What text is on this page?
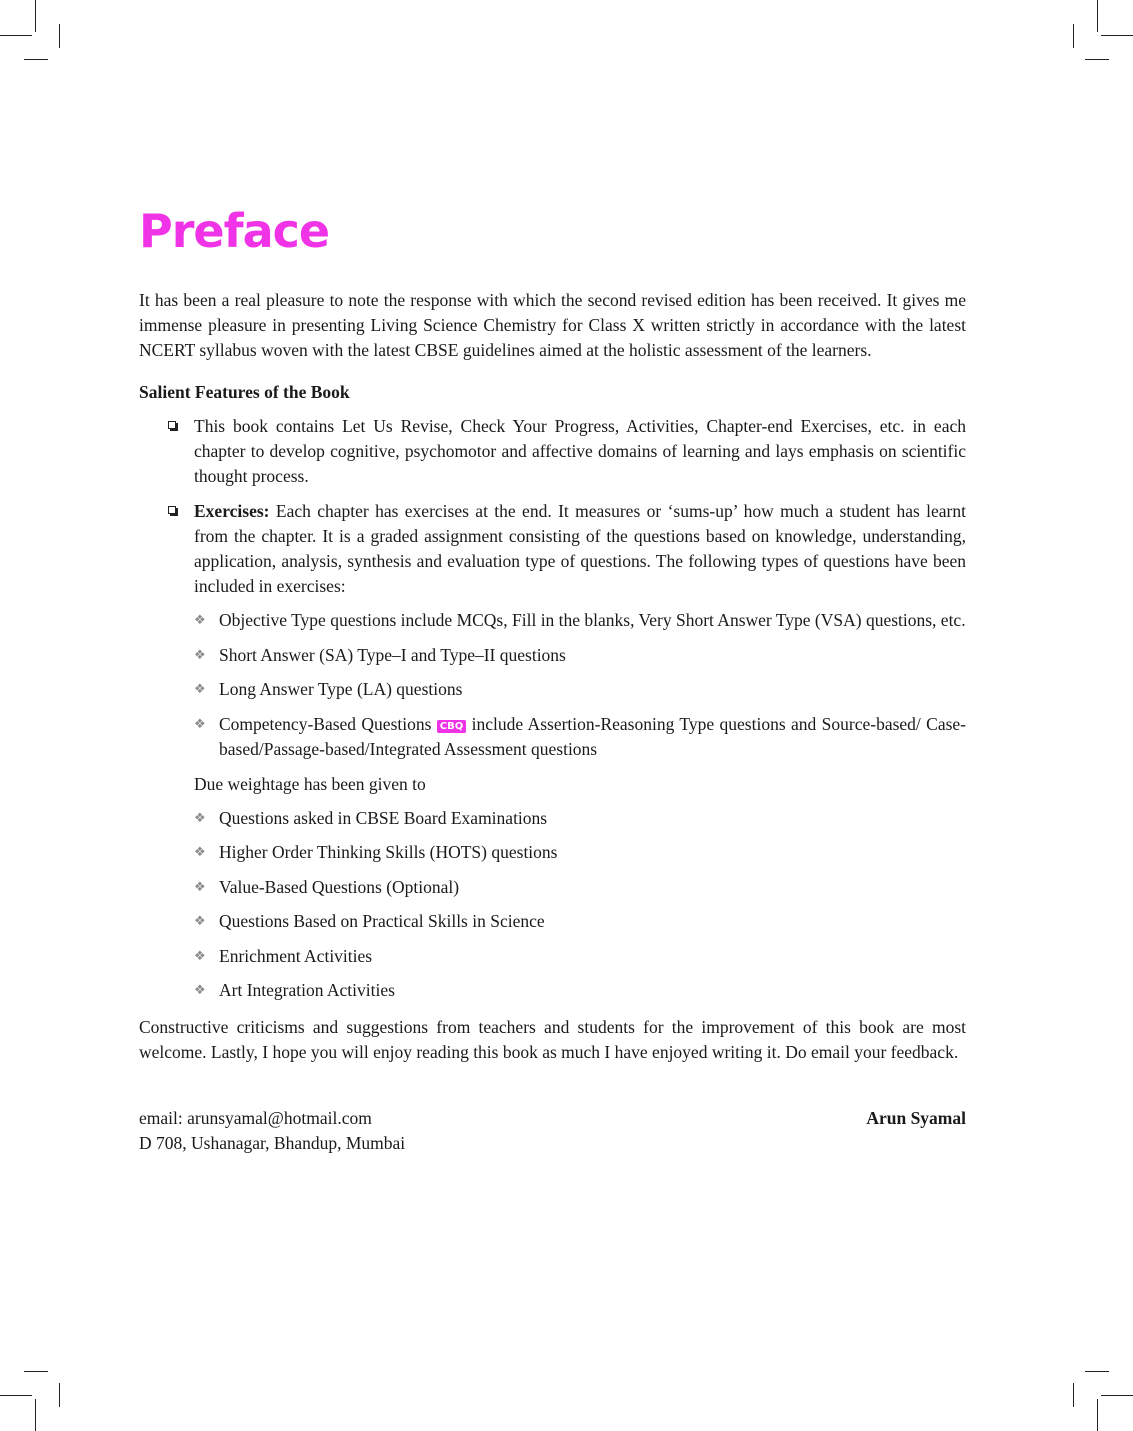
Preface

It has been a real pleasure to note the response with which the second revised edition has been received. It gives me immense pleasure in presenting Living Science Chemistry for Class X written strictly in accordance with the latest NCERT syllabus woven with the latest CBSE guidelines aimed at the holistic assessment of the learners.

Salient Features of the Book

This book contains Let Us Revise, Check Your Progress, Activities, Chapter-end Exercises, etc. in each chapter to develop cognitive, psychomotor and affective domains of learning and lays emphasis on scientific thought process.
Exercises: Each chapter has exercises at the end. It measures or ‘sums-up’ how much a student has learnt from the chapter. It is a graded assignment consisting of the questions based on knowledge, understanding, application, analysis, synthesis and evaluation type of questions. The following types of questions have been included in exercises:
❖ Objective Type questions include MCQs, Fill in the blanks, Very Short Answer Type (VSA) questions, etc.
❖ Short Answer (SA) Type–I and Type–II questions
❖ Long Answer Type (LA) questions
❖ Competency-Based Questions CBQ include Assertion-Reasoning Type questions and Source-based/ Case-based/Passage-based/Integrated Assessment questions

Due weightage has been given to

❖ Questions asked in CBSE Board Examinations
❖ Higher Order Thinking Skills (HOTS) questions
❖ Value-Based Questions (Optional)
❖ Questions Based on Practical Skills in Science
❖ Enrichment Activities
❖ Art Integration Activities

Constructive criticisms and suggestions from teachers and students for the improvement of this book are most welcome. Lastly, I hope you will enjoy reading this book as much I have enjoyed writing it. Do email your feedback.

email: arunsyamal@hotmail.com
D 708, Ushanagar, Bhandup, Mumbai
Arun Syamal
